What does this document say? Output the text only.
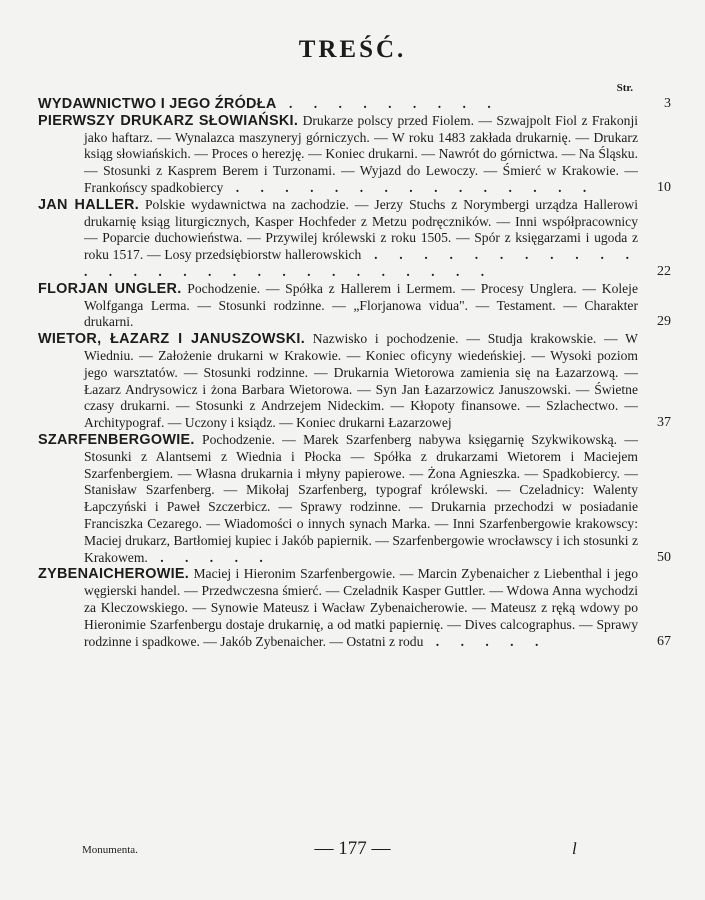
TREŚĆ.
Str.
WYDAWNICTWO I JEGO ŹRÓDŁA . . . . . . . . .	3
PIERWSZY DRUKARZ SŁOWIAŃSKI. Drukarze polscy przed Fiolem. — Szwajpolt Fiol z Frakonji jako haftarz. — Wynalazca maszyneryj górniczych. — W roku 1483 zakłada drukarnię. — Drukarz ksiąg słowiańskich. — Proces o herezję. — Koniec drukarni. — Nawrót do górnictwa. — Na Śląsku. — Stosunki z Kasprem Berem i Turzonami. — Wyjazd do Lewoczy. — Śmierć w Krakowie. — Frankońscy spadkobiercy . . . . . . . . . . . . . . .	10
JAN HALLER. Polskie wydawnictwa na zachodzie. — Jerzy Stuchs z Norymbergi urządza Hallerowi drukarnię ksiąg liturgicznych, Kasper Hochfeder z Metzu podręczników. — Inni współpracownicy — Poparcie duchowieństwa. — Przywilej królewski z roku 1505. — Spór z księgarzami i ugoda z roku 1517. — Losy przedsiębiorstw hallerowskich . . . . . . . . . . . . . . . . . . . . . . . . . . . .	22
FLORJAN UNGLER. Pochodzenie. — Spółka z Hallerem i Lermem. — Procesy Unglera. — Koleje Wolfganga Lerma. — Stosunki rodzinne. — „Florjanowa vidua". — Testament. — Charakter drukarni.	29
WIETOR, ŁAZARZ I JANUSZOWSKI. Nazwisko i pochodzenie. — Studja krakowskie. — W Wiedniu. — Założenie drukarni w Krakowie. — Koniec oficyny wiedeńskiej. — Wysoki poziom jego warsztatów. — Stosunki rodzinne. — Drukarnia Wietorowa zamienia się na Łazarzową. — Łazarz Andrysowicz i żona Barbara Wietorowa. — Syn Jan Łazarzowicz Januszowski. — Świetne czasy drukarni. — Stosunki z Andrzejem Nideckim. — Kłopoty finansowe. — Szlachectwo. — Architypograf. — Uczony i ksiądz. — Koniec drukarni Łazarzowej	37
SZARFENBERGOWIE. Pochodzenie. — Marek Szarfenberg nabywa księgarnię Szykwikowską. — Stosunki z Alantsemi z Wiednia i Płocka — Spółka z drukarzami Wietorem i Maciejem Szarfenbergiem. — Własna drukarnia i młyny papierowe. — Żona Agnieszka. — Spadkobiercy. — Stanisław Szarfenberg. — Mikołaj Szarfenberg, typograf królewski. — Czeladnicy: Walenty Łapczyński i Paweł Szczerbicz. — Sprawy rodzinne. — Drukarnia przechodzi w posiadanie Franciszka Cezarego. — Wiadomości o innych synach Marka. — Inni Szarfenbergowie krakowscy: Maciej drukarz, Bartłomiej kupiec i Jakób papiernik. — Szarfenbergowie wrocławscy i ich stosunki z Krakowem. . . . . .	50
ZYBENAICHEROWIE. Maciej i Hieronim Szarfenbergowie. — Marcin Zybenaicher z Liebenthal i jego węgierski handel. — Przedwczesna śmierć. — Czeladnik Kasper Guttler. — Wdowa Anna wychodzi za Kleczowskiego. — Synowie Mateusz i Wacław Zybenaicherowie. — Mateusz z ręką wdowy po Hieronimie Szarfenbergu dostaje drukarnię, a od matki papiernię. — Dives calcographus. — Sprawy rodzinne i spadkowe. — Jakób Zybenaicher. — Ostatni z rodu . . . . .	67
Monumenta.	— 177 —	l
